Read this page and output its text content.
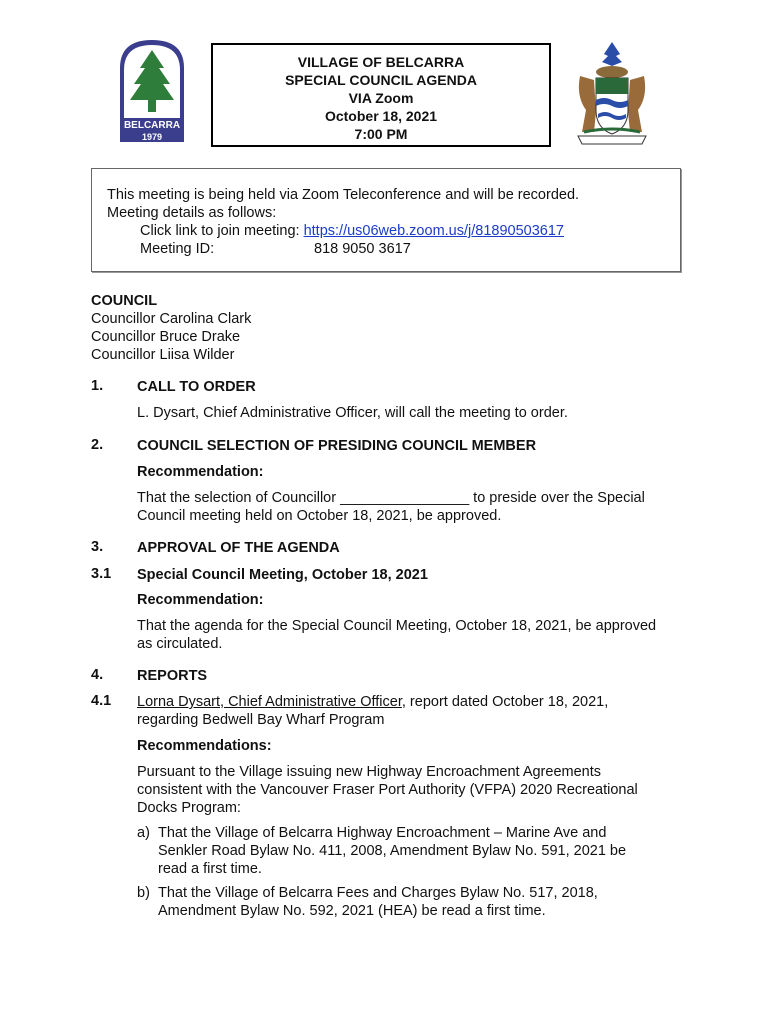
BELCARRA
1979
VILLAGE OF BELCARRA
SPECIAL COUNCIL AGENDA
VIA Zoom
October 18, 2021
7:00 PM
This meeting is being held via Zoom Teleconference and will be recorded.
Meeting details as follows:
Click link to join meeting: https://us06web.zoom.us/j/81890503617
Meeting ID:	818 9050 3617
COUNCIL
Councillor Carolina Clark
Councillor Bruce Drake
Councillor Liisa Wilder
1. CALL TO ORDER
L. Dysart, Chief Administrative Officer, will call the meeting to order.
2. COUNCIL SELECTION OF PRESIDING COUNCIL MEMBER
Recommendation:
That the selection of Councillor ________________ to preside over the Special
Council meeting held on October 18, 2021, be approved.
3. APPROVAL OF THE AGENDA
3.1 Special Council Meeting, October 18, 2021
Recommendation:
That the agenda for the Special Council Meeting, October 18, 2021, be approved
as circulated.
4. REPORTS
4.1 Lorna Dysart, Chief Administrative Officer, report dated October 18, 2021,
regarding Bedwell Bay Wharf Program
Recommendations:
Pursuant to the Village issuing new Highway Encroachment Agreements
consistent with the Vancouver Fraser Port Authority (VFPA) 2020 Recreational
Docks Program:
a) That the Village of Belcarra Highway Encroachment – Marine Ave and
Senkler Road Bylaw No. 411, 2008, Amendment Bylaw No. 591, 2021 be
read a first time.
b) That the Village of Belcarra Fees and Charges Bylaw No. 517, 2018,
Amendment Bylaw No. 592, 2021 (HEA) be read a first time.
